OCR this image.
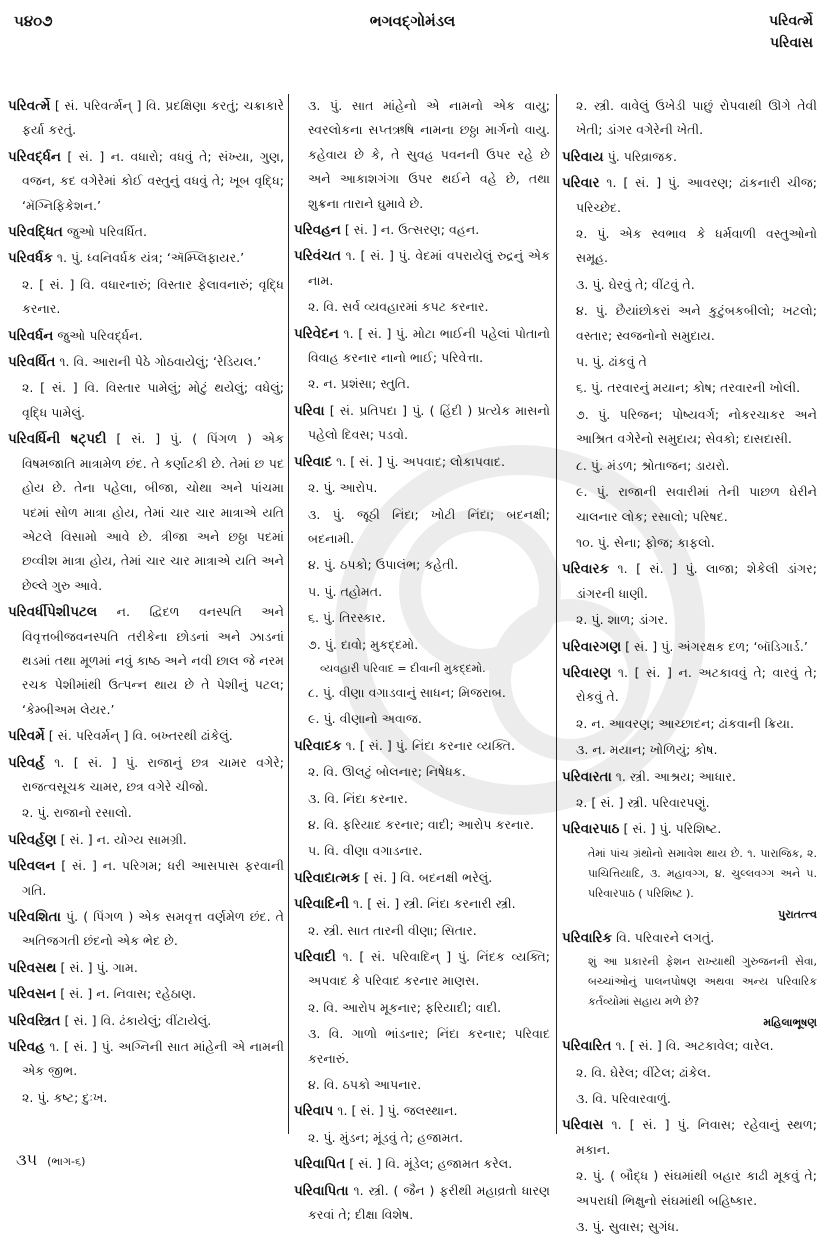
૫૪૦૭	ભગવદ્ગોમંડલ	પરિવર્ત્મે
પરિવાસ

પરિવર્ત્મે [ સં. પરિવર્ત્મન્ ] વિ. પ્રદક્ષિણા કરતું; ચક્રાકારે ફર્યા કરતું.

પરિવર્દ્ધન [ સં. ] ન. વધારો; વધવું તે; સંખ્યા, ગુણ, વજન, કદ વગેરેમાં કોઈ વસ્તુનું વધવું તે; ખૂબ વૃદ્ધિ; ‘મૅગ્નિફિકેશન.’

પરિવદ્ધિત જુઓ પરિવર્ધિત.

પરિવર્ધક ૧. પું. ધ્વનિવર્ધક યંત્ર; ‘ઍમ્પ્લિફાયર.’

૨. [ સં. ] વિ. વધારનારું; વિસ્તાર ફેલાવનારું; વૃદ્ધિ કરનાર.

પરિવર્ધન જુઓ પરિવર્દ્ધન.

પરિવર્ધિત ૧. વિ. આરાની પેઠે ગોઠવાયેલું; ‘રેડિયલ.’

૨. [ સં. ] વિ. વિસ્તાર પામેલું; મોટું થયેલું; વધેલું; વૃદ્ધિ પામેલું.

પરિવર્ધિની ષટ્પદી [ સં. ] પું. ( પિંગળ ) એક વિષમજાતિ માત્રામેળ છંદ. તે કર્ણાટકી છે. તેમાં છ પદ હોય છે. તેના પહેલા, બીજા, ચોથા અને પાંચમા પદમાં સોળ માત્રા હોય, તેમાં ચાર ચાર માત્રાએ યતિ એટલે વિસામો આવે છે. ત્રીજા અને છઠ્ઠા પદમાં છવ્વીશ માત્રા હોય, તેમાં ચાર ચાર માત્રાએ યતિ અને છેલ્લે ગુરુ આવે.

પરિવર્ધીપેશીપટલ ન. દ્વિદળ વનસ્પતિ અને વિવૃત્તબીજવનસ્પતિ તરીકેના છોડનાં અને ઝાડનાં થડમાં તથા મૂળમાં નવું કાષ્ઠ અને નવી છાલ જે નરમ રચક પેશીમાંથી ઉત્પન્ન થાય છે તે પેશીનું પટલ; ‘કેમ્બીઅમ લેયર.’

પરિવર્મે [ સં. પરિવર્મન્ ] વિ. બખ્તરથી ઢાંકેલું.

પરિવર્હ ૧. [ સં. ] પું. રાજાનું છત્ર ચામર વગેરે; રાજત્વસૂચક ચામર, છત્ર વગેરે ચીજો.

૨. પું. રાજાનો રસાલો.

પરિવર્હણ [ સં. ] ન. યોગ્ય સામગ્રી.

પરિવલન [ સં. ] ન. પરિગમ; ધરી આસપાસ ફરવાની ગતિ.

પરિવશિતા પું. ( પિંગળ ) એક સમવૃત્ત વર્ણમેળ છંદ. તે અતિજગતી છંદનો એક ભેદ છે.

પરિવસથ [ સં. ] પું. ગામ.

પરિવસન [ સં. ] ન. નિવાસ; રહેઠાણ.

પરિવસ્ત્રિત [ સં. ] વિ. ઢંકાયેલું; વીંટાયેલું.

પરિવહ ૧. [ સં. ] પું. અગ્નિની સાત માંહેની એ નામની એક જીભ.

૨. પું. કષ્ટ; દુઃખ.

૩. પું. સાત માંહેનો એ નામનો એક વાયુ; સ્વરલોકના સપ્તઋષિ નામના છઠ્ઠા માર્ગનો વાયુ. કહેવાય છે કે, તે સુવહ પવનની ઉપર રહે છે અને આકાશગંગા ઉપર થઈને વહે છે, તથા શુક્રના તારાને ઘુમાવે છે.

પરિવહન [ સં. ] ન. ઉત્સરણ; વહન.

પરિવંચત ૧. [ સં. ] પું. વેદમાં વપરાયેલું રુદ્રનું એક નામ.

૨. વિ. સર્વ વ્યવહારમાં કપટ કરનાર.

પરિવેદન ૧. [ સં. ] પું. મોટા ભાઈની પહેલાં પોતાનો વિવાહ કરનાર નાનો ભાઈ; પરિવેત્તા.

૨. ન. પ્રશંસા; સ્તુતિ.

પરિવા [ સં. પ્રતિપદા ] પું. ( હિંદી ) પ્રત્યેક માસનો પહેલો દિવસ; પડવો.

પરિવાદ ૧. [ સં. ] પું. અપવાદ; લોકાપવાદ.

૨. પું. આરોપ.

૩. પું. જૂઠી નિંદા; ખોટી નિંદા; બદનક્ષી; બદનામી.

૪. પું. ઠપકો; ઉપાલંભ; કહેતી.

૫. પું. તહોમત.

૬. પું. તિરસ્કાર.

૭. પું. દાવો; મુકદ્દમો.

વ્યવહારી પરિવાદ = દીવાની મુકદ્દમો.

૮. પું. વીણા વગાડવાનું સાધન; મિજરાબ.

૯. પું. વીણાનો અવાજ.

પરિવાદક ૧. [ સં. ] પું. નિંદા કરનાર વ્યક્તિ.

૨. વિ. ઊલટું બોલનાર; નિષેધક.

૩. વિ. નિંદા કરનાર.

૪. વિ. ફરિયાદ કરનાર; વાદી; આરોપ કરનાર.

૫. વિ. વીણા વગાડનાર.

પરિવાદાત્મક [ સં. ] વિ. બદનક્ષી ભરેલું.

પરિવાદિની ૧. [ સં. ] સ્ત્રી. નિંદા કરનારી સ્ત્રી.

૨. સ્ત્રી. સાત તારની વીણા; સિતાર.

પરિવાદી ૧. [ સં. પરિવાદિન્ ] પું. નિંદક વ્યક્તિ; અપવાદ કે પરિવાદ કરનાર માણસ.

૨. વિ. આરોપ મૂકનાર; ફરિયાદી; વાદી.

૩. વિ. ગાળો ભાંડનાર; નિંદા કરનાર; પરિવાદ કરનારું.

૪. વિ. ઠપકો આપનાર.

પરિવાપ ૧. [ સં. ] પું. જલસ્થાન.

૨. પું. મુંડન; મૂંડવું તે; હજામત.

પરિવાપિત [ સં. ] વિ. મૂંડેલ; હજામત કરેલ.

પરિવાપિતા ૧. સ્ત્રી. ( જૈન ) ફરીથી મહાવ્રતો ધારણ કરવાં તે; દીક્ષા વિશેષ.

૨. સ્ત્રી. વાવેલું ઉખેડી પાછું રોપવાથી ઊગે તેવી ખેતી; ડાંગર વગેરેની ખેતી.

પરિવાય પું. પરિવ્રાજક.

પરિવાર ૧. [ સં. ] પું. આવરણ; ઢાંકનારી ચીજ; પરિચ્છેદ.

૨. પું. એક સ્વભાવ કે ધર્મવાળી વસ્તુઓનો સમૂહ.

૩. પું. ઘેરવું તે; વીંટવું તે.

૪. પું. છૈયાંછોકરાં અને કુટુંબકબીલો; ખટલો; વસ્તાર; સ્વજનોનો સમુદાય.

૫. પું. ઢાંકવું તે

૬. પું. તરવારનું મયાન; કોષ; તરવારની ખોલી.

૭. પું. પરિજન; પોષ્યવર્ગ; નોકરચાકર અને આશ્રિત વગેરેનો સમુદાય; સેવકો; દાસદાસી.

૮. પું. મંડળ; શ્રોતાજન; ડાયરો.

૯. પું. રાજાની સવારીમાં તેની પાછળ ઘેરીને ચાલનાર લોક; રસાલો; પરિષદ.

૧૦. પું. સેના; ફોજ; કાફલો.

પરિવારક ૧. [ સં. ] પું. લાજા; શેકેલી ડાંગર; ડાંગરની ધાણી.

૨. પું. શાળ; ડાંગર.

પરિવારગણ [ સં. ] પું. અંગરક્ષક દળ; ‘બૉડિગાર્ડ.’

પરિવારણ ૧. [ સં. ] ન. અટકાવવું તે; વારવું તે; રોકવું તે.

૨. ન. આવરણ; આચ્છાદન; ઢાંકવાની ક્રિયા.

૩. ન. મયાન; ખોળિયું; કોષ.

પરિવારતા ૧. સ્ત્રી. આશ્રય; આધાર.

૨. [ સં. ] સ્ત્રી. પરિવારપણું.

પરિવારપાઠ [ સં. ] પું. પરિશિષ્ટ.

તેમાં પાંચ ગ્રંથોનો સમાવેશ થાય છે. ૧. પારાજિક, ૨. પાચિત્તિયાદિ, ૩. મહાવગ્ગ, ૪. ચુલ્લવગ્ગ અને ૫. પરિવારપાઠ ( પરિશિષ્ટ ).

પુરાતત્ત્વ

પરિવારિક વિ. પરિવારને લગતું.

શું આ પ્રકારની ફેશન રાખ્યાથી ગુરુજનની સેવા, બચ્ચાંઓનું પાલનપોષણ અથવા અન્ય પરિવારિક કર્તવ્યોમાં સહાય મળે છે?

મહિલાભૂષણ

પરિવારિત ૧. [ સં. ] વિ. અટકાવેલ; વારેલ.

૨. વિ. ઘેરેલ; વીંટેલ; ઢાંકેલ.

૩. વિ. પરિવારવાળું.

પરિવાસ ૧. [ સં. ] પું. નિવાસ; રહેવાનું સ્થળ; મકાન.

૨. પું. ( બૌદ્ધ ) સંઘમાંથી બહાર કાઢી મૂકવું તે; અપરાધી ભિક્ષુનો સંઘમાંથી બહિષ્કાર.

૩. પું. સુવાસ; સુગંધ.

૩૫ (ભાગ-૬)
